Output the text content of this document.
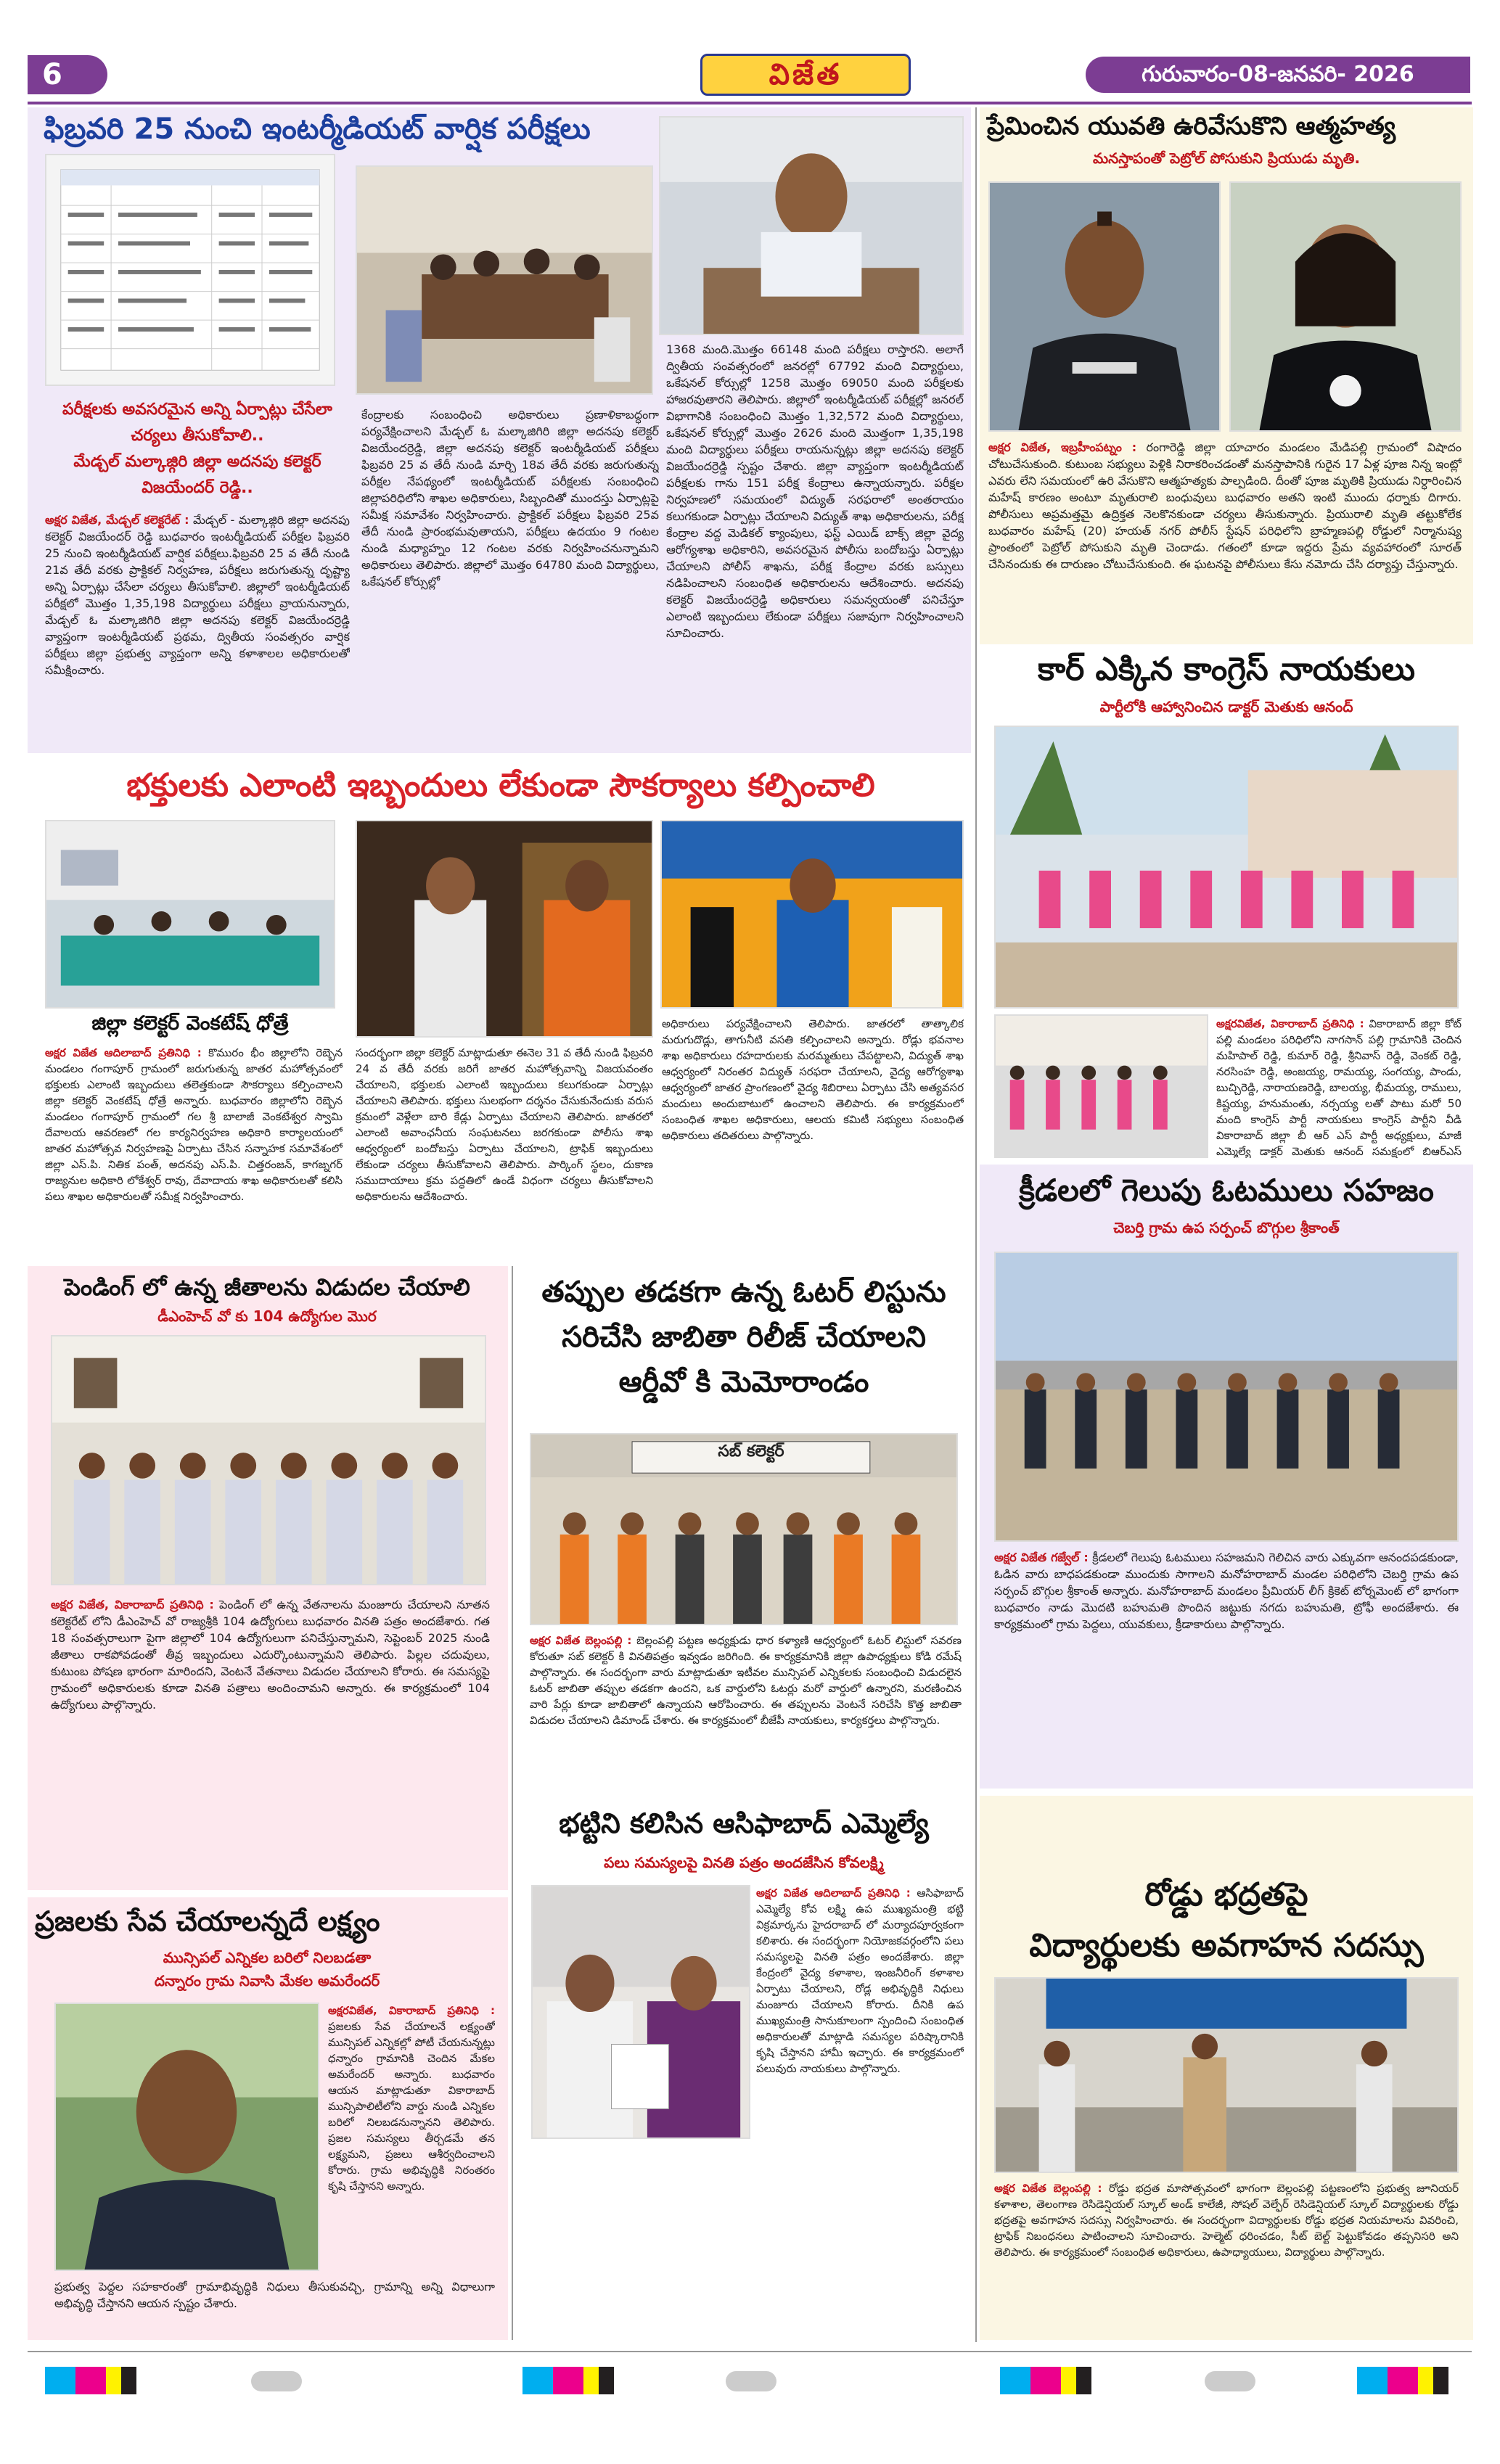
6	విజేత	గురువారం-08-జనవరి- 2026
ఫిబ్రవరి 25 నుంచి ఇంటర్మీడియట్ వార్షిక పరీక్షలు
పరీక్షలకు అవసరమైన అన్ని ఏర్పాట్లు చేసేలా
చర్యలు తీసుకోవాలి..
మేడ్చల్ మల్కాజ్గిరి జిల్లా అదనపు కలెక్టర్
విజయేందర్ రెడ్డి..
అక్షర విజేత, మేడ్చల్ కలెక్టరేట్ : మేడ్చల్ - మల్కాజ్గిరి జిల్లా అదనపు కలెక్టర్ విజయేందర్ రెడ్డి బుధవారం ఇంటర్మీడియట్ పరీక్షల ఫిబ్రవరి 25 నుంచి ఇంటర్మీడియట్ వార్షిక పరీక్షలు.ఫిబ్రవరి 25 వ తేదీ నుండి 21వ తేదీ వరకు ప్రాక్టికల్ నిర్వహణ, పరీక్షలు జరుగుతున్న దృష్ట్యా అన్ని ఏర్పాట్లు చేసేలా చర్యలు తీసుకోవాలి. జిల్లాలో ఇంటర్మీడియట్ పరీక్షలో మొత్తం 1,35,198 విద్యార్థులు పరీక్షలు వ్రాయనున్నారు, మేడ్చల్ ఓ మల్కాజిగిరి జిల్లా అదనపు కలెక్టర్ విజయేందర్రెడ్డి వ్యాప్తంగా ఇంటర్మీడియట్ ప్రథమ, ద్వితీయ సంవత్సరం వార్షిక పరీక్షలు జిల్లా ప్రభుత్వ వ్యాప్తంగా అన్ని కళాశాలల అధికారులతో సమీక్షించారు.
కేంద్రాలకు సంబంధించి అధికారులు ప్రణాళికాబద్ధంగా పర్యవేక్షించాలని మేడ్చల్ ఓ మల్కాజిగిరి జిల్లా అదనపు కలెక్టర్ విజయేందర్రెడ్డి, జిల్లా అదనపు కలెక్టర్ ఇంటర్మీడియట్ పరీక్షలు ఫిబ్రవరి 25 వ తేదీ నుండి మార్చి 18వ తేదీ వరకు జరుగుతున్న పరీక్షల నేపథ్యంలో ఇంటర్మీడియట్ పరీక్షలకు సంబంధించి జిల్లాపరిధిలోని శాఖల అధికారులు, సిబ్బందితో ముందస్తు ఏర్పాట్లపై సమీక్ష సమావేశం నిర్వహించారు. ప్రాక్టికల్ పరీక్షలు ఫిబ్రవరి 25వ తేదీ నుండి ప్రారంభమవుతాయని, పరీక్షలు ఉదయం 9 గంటల నుండి మధ్యాహ్నం 12 గంటల వరకు నిర్వహించనున్నామని అధికారులు తెలిపారు. జిల్లాలో మొత్తం 64780 మంది విద్యార్థులు, ఒకేషనల్ కోర్సుల్లో
1368 మంది.మొత్తం 66148 మంది పరీక్షలు రాస్తారని. అలాగే ద్వితీయ సంవత్సరంలో జనరల్లో 67792 మంది విద్యార్థులు, ఒకేషనల్ కోర్సుల్లో 1258 మొత్తం 69050 మంది పరీక్షలకు హాజరవుతారని తెలిపారు. జిల్లాలో ఇంటర్మీడియట్ పరీక్షల్లో జనరల్ విభాగానికి సంబంధించి మొత్తం 1,32,572 మంది విద్యార్థులు, ఒకేషనల్ కోర్సుల్లో మొత్తం 2626 మంది మొత్తంగా 1,35,198 మంది విద్యార్థులు పరీక్షలు రాయనున్నట్లు జిల్లా అదనపు కలెక్టర్ విజయేందర్రెడ్డి స్పష్టం చేశారు. జిల్లా వ్యాప్తంగా ఇంటర్మీడియట్ పరీక్షలకు గాను 151 పరీక్ష కేంద్రాలు ఉన్నాయన్నారు. పరీక్షల నిర్వహణలో సమయంలో విద్యుత్ సరఫరాలో అంతరాయం కలుగకుండా ఏర్పాట్లు చేయాలని విద్యుత్ శాఖ అధికారులను, పరీక్ష కేంద్రాల వద్ద మెడికల్ క్యాంపులు, ఫస్ట్ ఎయిడ్ బాక్స్ జిల్లా వైద్య ఆరోగ్యశాఖ అధికారిని, అవసరమైన పోలీసు బందోబస్తు ఏర్పాట్లు చేయాలని పోలీస్ శాఖను, పరీక్ష కేంద్రాల వరకు బస్సులు నడిపించాలని సంబంధిత అధికారులను ఆదేశించారు. అదనపు కలెక్టర్ విజయేందర్రెడ్డి అధికారులు సమన్వయంతో పనిచేస్తూ ఎలాంటి ఇబ్బందులు లేకుండా పరీక్షలు సజావుగా నిర్వహించాలని సూచించారు.
ప్రేమించిన యువతి ఉరివేసుకొని ఆత్మహత్య
మనస్తాపంతో పెట్రోల్ పోసుకుని ప్రియుడు మృతి.
అక్షర విజేత, ఇబ్రహీంపట్నం : రంగారెడ్డి జిల్లా యాచారం మండలం మేడిపల్లి గ్రామంలో విషాదం చోటుచేసుకుంది. కుటుంబ సభ్యులు పెళ్లికి నిరాకరించడంతో మనస్తాపానికి గురైన 17 ఏళ్ల పూజ నిన్న ఇంట్లో ఎవరు లేని సమయంలో ఉరి వేసుకొని ఆత్మహత్యకు పాల్పడింది. దీంతో పూజ మృతికి ప్రియుడు నిర్ధారించిన మహేష్ కారణం అంటూ మృతురాలి బంధువులు బుధవారం అతని ఇంటి ముందు ధర్నాకు దిగారు. పోలీసులు అప్రమత్తమై ఉద్రిక్తత నెలకొనకుండా చర్యలు తీసుకున్నారు. ప్రియురాలి మృతి తట్టుకోలేక బుధవారం మహేష్ (20) హయత్ నగర్ పోలీస్ స్టేషన్ పరిధిలోని బ్రాహ్మణపల్లి రోడ్డులో నిర్మానుష్య ప్రాంతంలో పెట్రోల్ పోసుకుని మృతి చెందాడు. గతంలో కూడా ఇద్దరు ప్రేమ వ్యవహారంలో సూరత్ చేసినందుకు ఈ దారుణం చోటుచేసుకుంది. ఈ ఘటనపై పోలీసులు కేసు నమోదు చేసి దర్యాప్తు చేస్తున్నారు.
కార్ ఎక్కిన కాంగ్రెస్ నాయకులు
పార్టీలోకి ఆహ్వానించిన డాక్టర్ మెతుకు ఆనంద్
అక్షరవిజేత, వికారాబాద్ ప్రతినిధి : వికారాబాద్ జిల్లా కోట్ పల్లి మండలం పరిధిలోని నాగసాన్ పల్లి గ్రామానికి చెందిన మహిపాల్ రెడ్డి, కుమార్ రెడ్డి, శ్రీనివాస్ రెడ్డి, వెంకట్ రెడ్డి, నరసింహ రెడ్డి, అంజయ్య, రామయ్య, సంగయ్య, పాండు, బుచ్చిరెడ్డి, నారాయణరెడ్డి, బాలయ్య, భీమయ్య, రాములు, కిష్టయ్య, హనుమంతు, నర్సయ్య లతో పాటు మరో 50 మంది కాంగ్రెస్ పార్టీ నాయకులు కాంగ్రెస్ పార్టీని వీడి వికారాబాద్ జిల్లా బీ ఆర్ ఎస్ పార్టీ అధ్యక్షులు, మాజీ ఎమ్మెల్యే డాక్టర్ మెతుకు ఆనంద్ సమక్షంలో బిఆర్ఎస్
భక్తులకు ఎలాంటి ఇబ్బందులు లేకుండా సౌకర్యాలు కల్పించాలి
జిల్లా కలెక్టర్ వెంకటేష్ ధోత్రే
అక్షర విజేత ఆదిలాబాద్ ప్రతినిధి : కొమురం భీం జిల్లాలోని రెబ్బెన మండలం గంగాపూర్ గ్రామంలో జరుగుతున్న జాతర మహోత్సవంలో భక్తులకు ఎలాంటి ఇబ్బందులు తలెత్తకుండా సౌకర్యాలు కల్పించాలని జిల్లా కలెక్టర్ వెంకటేష్ ధోత్రే అన్నారు. బుధవారం జిల్లాలోని రెబ్బెన మండలం గంగాపూర్ గ్రామంలో గల శ్రీ బాలాజీ వెంకటేశ్వర స్వామి దేవాలయ ఆవరణలో గల కార్యనిర్వహణ అధికారి కార్యాలయంలో జాతర మహోత్సవ నిర్వహణపై ఏర్పాటు చేసిన సన్నాహక సమావేశంలో జిల్లా ఎస్.పి. నితిక పంత్, అదనపు ఎస్.పి. చిత్తరంజన్, కాగజ్నగర్ రాజ్యనుల అధికారి లోకేశ్వర్ రావు, దేవాదాయ శాఖ అధికారులతో కలిసి పలు శాఖల అధికారులతో సమీక్ష నిర్వహించారు.
సందర్భంగా జిల్లా కలెక్టర్ మాట్లాడుతూ ఈనెల 31 వ తేదీ నుండి ఫిబ్రవరి 24 వ తేదీ వరకు జరిగే జాతర మహోత్సవాన్ని విజయవంతం చేయాలని, భక్తులకు ఎలాంటి ఇబ్బందులు కలుగకుండా ఏర్పాట్లు చేయాలని తెలిపారు. భక్తులు సులభంగా దర్శనం చేసుకునేందుకు వరుస క్రమంలో వెళ్లేలా బారి కేడ్లు ఏర్పాటు చేయాలని తెలిపారు. జాతరలో ఎలాంటి అవాంఛనీయ సంఘటనలు జరగకుండా పోలీసు శాఖ ఆధ్వర్యంలో బందోబస్తు ఏర్పాటు చేయాలని, ట్రాఫిక్ ఇబ్బందులు లేకుండా చర్యలు తీసుకోవాలని తెలిపారు. పార్కింగ్ స్థలం, దుకాణ సముదాయాలు క్రమ పద్ధతిలో ఉండే విధంగా చర్యలు తీసుకోవాలని అధికారులను ఆదేశించారు.
అధికారులు పర్యవేక్షించాలని తెలిపారు. జాతరలో తాత్కాలిక మరుగుదొడ్లు, తాగునీటి వసతి కల్పించాలని అన్నారు. రోడ్లు భవనాల శాఖ అధికారులు రహదారులకు మరమ్మతులు చేపట్టాలని, విద్యుత్ శాఖ ఆధ్వర్యంలో నిరంతర విద్యుత్ సరఫరా చేయాలని, వైద్య ఆరోగ్యశాఖ ఆధ్వర్యంలో జాతర ప్రాంగణంలో వైద్య శిబిరాలు ఏర్పాటు చేసి అత్యవసర మందులు అందుబాటులో ఉంచాలని తెలిపారు. ఈ కార్యక్రమంలో సంబంధిత శాఖల అధికారులు, ఆలయ కమిటీ సభ్యులు సంబంధిత అధికారులు తదితరులు పాల్గొన్నారు.
క్రీడలలో గెలుపు ఓటములు సహజం
చెబర్తి గ్రామ ఉప సర్పంచ్ బొగ్గుల శ్రీకాంత్
అక్షర విజేత గజ్వేల్ : క్రీడలలో గెలుపు ఓటములు సహజమని గెలిచిన వారు ఎక్కువగా ఆనందపడకుండా, ఓడిన వారు బాధపడకుండా ముందుకు సాగాలని మనోహరాబాద్ మండల పరిధిలోని చెబర్తి గ్రామ ఉప సర్పంచ్ బొగ్గుల శ్రీకాంత్ అన్నారు. మనోహరాబాద్ మండలం ప్రీమియర్ లీగ్ క్రికెట్ టోర్నమెంట్ లో భాగంగా బుధవారం నాడు మొదటి బహుమతి పొందిన జట్టుకు నగదు బహుమతి, ట్రోఫీ అందజేశారు. ఈ కార్యక్రమంలో గ్రామ పెద్దలు, యువకులు, క్రీడాకారులు పాల్గొన్నారు.
పెండింగ్ లో ఉన్న జీతాలను విడుదల చేయాలి
డీఎంహెచ్ వో కు 104 ఉద్యోగుల మొర
అక్షర విజేత, వికారాబాద్ ప్రతినిధి : పెండింగ్ లో ఉన్న వేతనాలను మంజూరు చేయాలని నూతన కలెక్టరేట్ లోని డీఎంహెచ్ వో రాజ్యశ్రీకి 104 ఉద్యోగులు బుధవారం వినతి పత్రం అందజేశారు. గత 18 సంవత్సరాలుగా పైగా జిల్లాలో 104 ఉద్యోగులుగా పనిచేస్తున్నామని, సెప్టెంబర్ 2025 నుండి జీతాలు రాకపోవడంతో తీవ్ర ఇబ్బందులు ఎదుర్కొంటున్నామని తెలిపారు. పిల్లల చదువులు, కుటుంబ పోషణ భారంగా మారిందని, వెంటనే వేతనాలు విడుదల చేయాలని కోరారు. ఈ సమస్యపై గ్రామంలో అధికారులకు కూడా వినతి పత్రాలు అందించామని అన్నారు. ఈ కార్యక్రమంలో 104 ఉద్యోగులు పాల్గొన్నారు.
తప్పుల తడకగా ఉన్న ఓటర్ లిస్టును
సరిచేసి జాబితా రిలీజ్ చేయాలని
ఆర్డీవో కి మెమోరాండం
సబ్ కలెక్టర్
అక్షర విజేత బెల్లంపల్లి : బెల్లంపల్లి పట్టణ అధ్యక్షుడు ధార కళ్యాణి ఆధ్వర్యంలో ఓటర్ లిస్టులో సవరణ కోరుతూ సబ్ కలెక్టర్ కి వినతిపత్రం ఇవ్వడం జరిగింది. ఈ కార్యక్రమానికి జిల్లా ఉపాధ్యక్షులు కోడి రమేష్ పాల్గొన్నారు. ఈ సందర్భంగా వారు మాట్లాడుతూ ఇటీవల మున్సిపల్ ఎన్నికలకు సంబంధించి విడుదలైన ఓటర్ జాబితా తప్పుల తడకగా ఉందని, ఒక వార్డులోని ఓటర్లు మరో వార్డులో ఉన్నారని, మరణించిన వారి పేర్లు కూడా జాబితాలో ఉన్నాయని ఆరోపించారు. ఈ తప్పులను వెంటనే సరిచేసి కొత్త జాబితా విడుదల చేయాలని డిమాండ్ చేశారు. ఈ కార్యక్రమంలో బీజేపీ నాయకులు, కార్యకర్తలు పాల్గొన్నారు.
భట్టిని కలిసిన ఆసిఫాబాద్ ఎమ్మెల్యే
పలు సమస్యలపై వినతి పత్రం అందజేసిన కోవలక్ష్మి
అక్షర విజేత ఆదిలాబాద్ ప్రతినిధి : ఆసిఫాబాద్ ఎమ్మెల్యే కోవ లక్ష్మి ఉప ముఖ్యమంత్రి భట్టి విక్రమార్కను హైదరాబాద్ లో మర్యాదపూర్వకంగా కలిశారు. ఈ సందర్భంగా నియోజకవర్గంలోని పలు సమస్యలపై వినతి పత్రం అందజేశారు. జిల్లా కేంద్రంలో వైద్య కళాశాల, ఇంజనీరింగ్ కళాశాల ఏర్పాటు చేయాలని, రోడ్ల అభివృద్ధికి నిధులు మంజూరు చేయాలని కోరారు. దీనికి ఉప ముఖ్యమంత్రి సానుకూలంగా స్పందించి సంబంధిత అధికారులతో మాట్లాడి సమస్యల పరిష్కారానికి కృషి చేస్తానని హామీ ఇచ్చారు. ఈ కార్యక్రమంలో పలువురు నాయకులు పాల్గొన్నారు.
ప్రజలకు సేవ చేయాలన్నదే లక్ష్యం
మున్సిపల్ ఎన్నికల బరిలో నిలబడతా
దన్నారం గ్రామ నివాసి మేకల అమరేందర్
అక్షరవిజేత, వికారాబాద్ ప్రతినిధి : ప్రజలకు సేవ చేయాలనే లక్ష్యంతో మున్సిపల్ ఎన్నికల్లో పోటీ చేయనున్నట్లు ధన్నారం గ్రామానికి చెందిన మేకల అమరేందర్ అన్నారు. బుధవారం ఆయన మాట్లాడుతూ వికారాబాద్ మున్సిపాలిటీలోని వార్డు నుండి ఎన్నికల బరిలో నిలబడనున్నానని తెలిపారు. ప్రజల సమస్యలు తీర్చడమే తన లక్ష్యమని, ప్రజలు ఆశీర్వదించాలని కోరారు. గ్రామ అభివృద్ధికి నిరంతరం కృషి చేస్తానని అన్నారు.
ప్రభుత్వ పెద్దల సహకారంతో గ్రామాభివృద్ధికి నిధులు తీసుకువచ్చి, గ్రామాన్ని అన్ని విధాలుగా అభివృద్ధి చేస్తానని ఆయన స్పష్టం చేశారు.
రోడ్డు భద్రతపై
విద్యార్థులకు అవగాహన సదస్సు
అక్షర విజేత బెల్లంపల్లి : రోడ్డు భద్రత మాసోత్సవంలో భాగంగా బెల్లంపల్లి పట్టణంలోని ప్రభుత్వ జూనియర్ కళాశాల, తెలంగాణ రెసిడెన్షియల్ స్కూల్ అండ్ కాలేజీ, సోషల్ వెల్ఫేర్ రెసిడెన్షియల్ స్కూల్ విద్యార్థులకు రోడ్డు భద్రతపై అవగాహన సదస్సు నిర్వహించారు. ఈ సందర్భంగా విద్యార్థులకు రోడ్డు భద్రత నియమాలను వివరించి, ట్రాఫిక్ నిబంధనలు పాటించాలని సూచించారు. హెల్మెట్ ధరించడం, సీట్ బెల్ట్ పెట్టుకోవడం తప్పనిసరి అని తెలిపారు. ఈ కార్యక్రమంలో సంబంధిత అధికారులు, ఉపాధ్యాయులు, విద్యార్థులు పాల్గొన్నారు.
